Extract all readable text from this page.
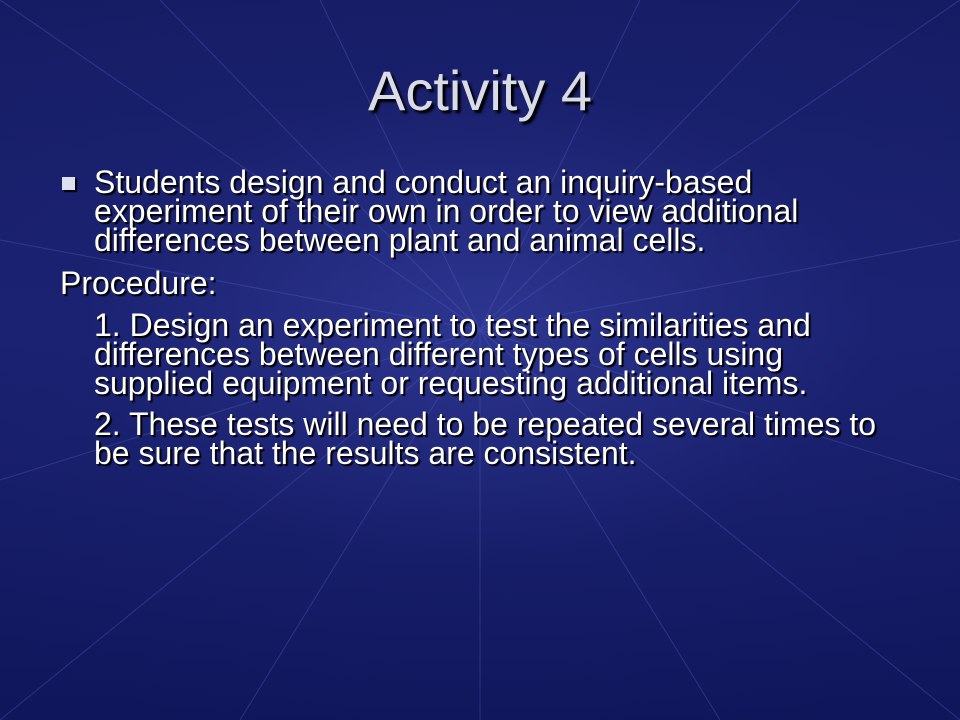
Activity 4
Students design and conduct an inquiry-based experiment of their own in order to view additional differences between plant and animal cells.
Procedure:
1. Design an experiment to test the similarities and differences between different types of cells using supplied equipment or requesting additional items.
2. These tests will need to be repeated several times to be sure that the results are consistent.
